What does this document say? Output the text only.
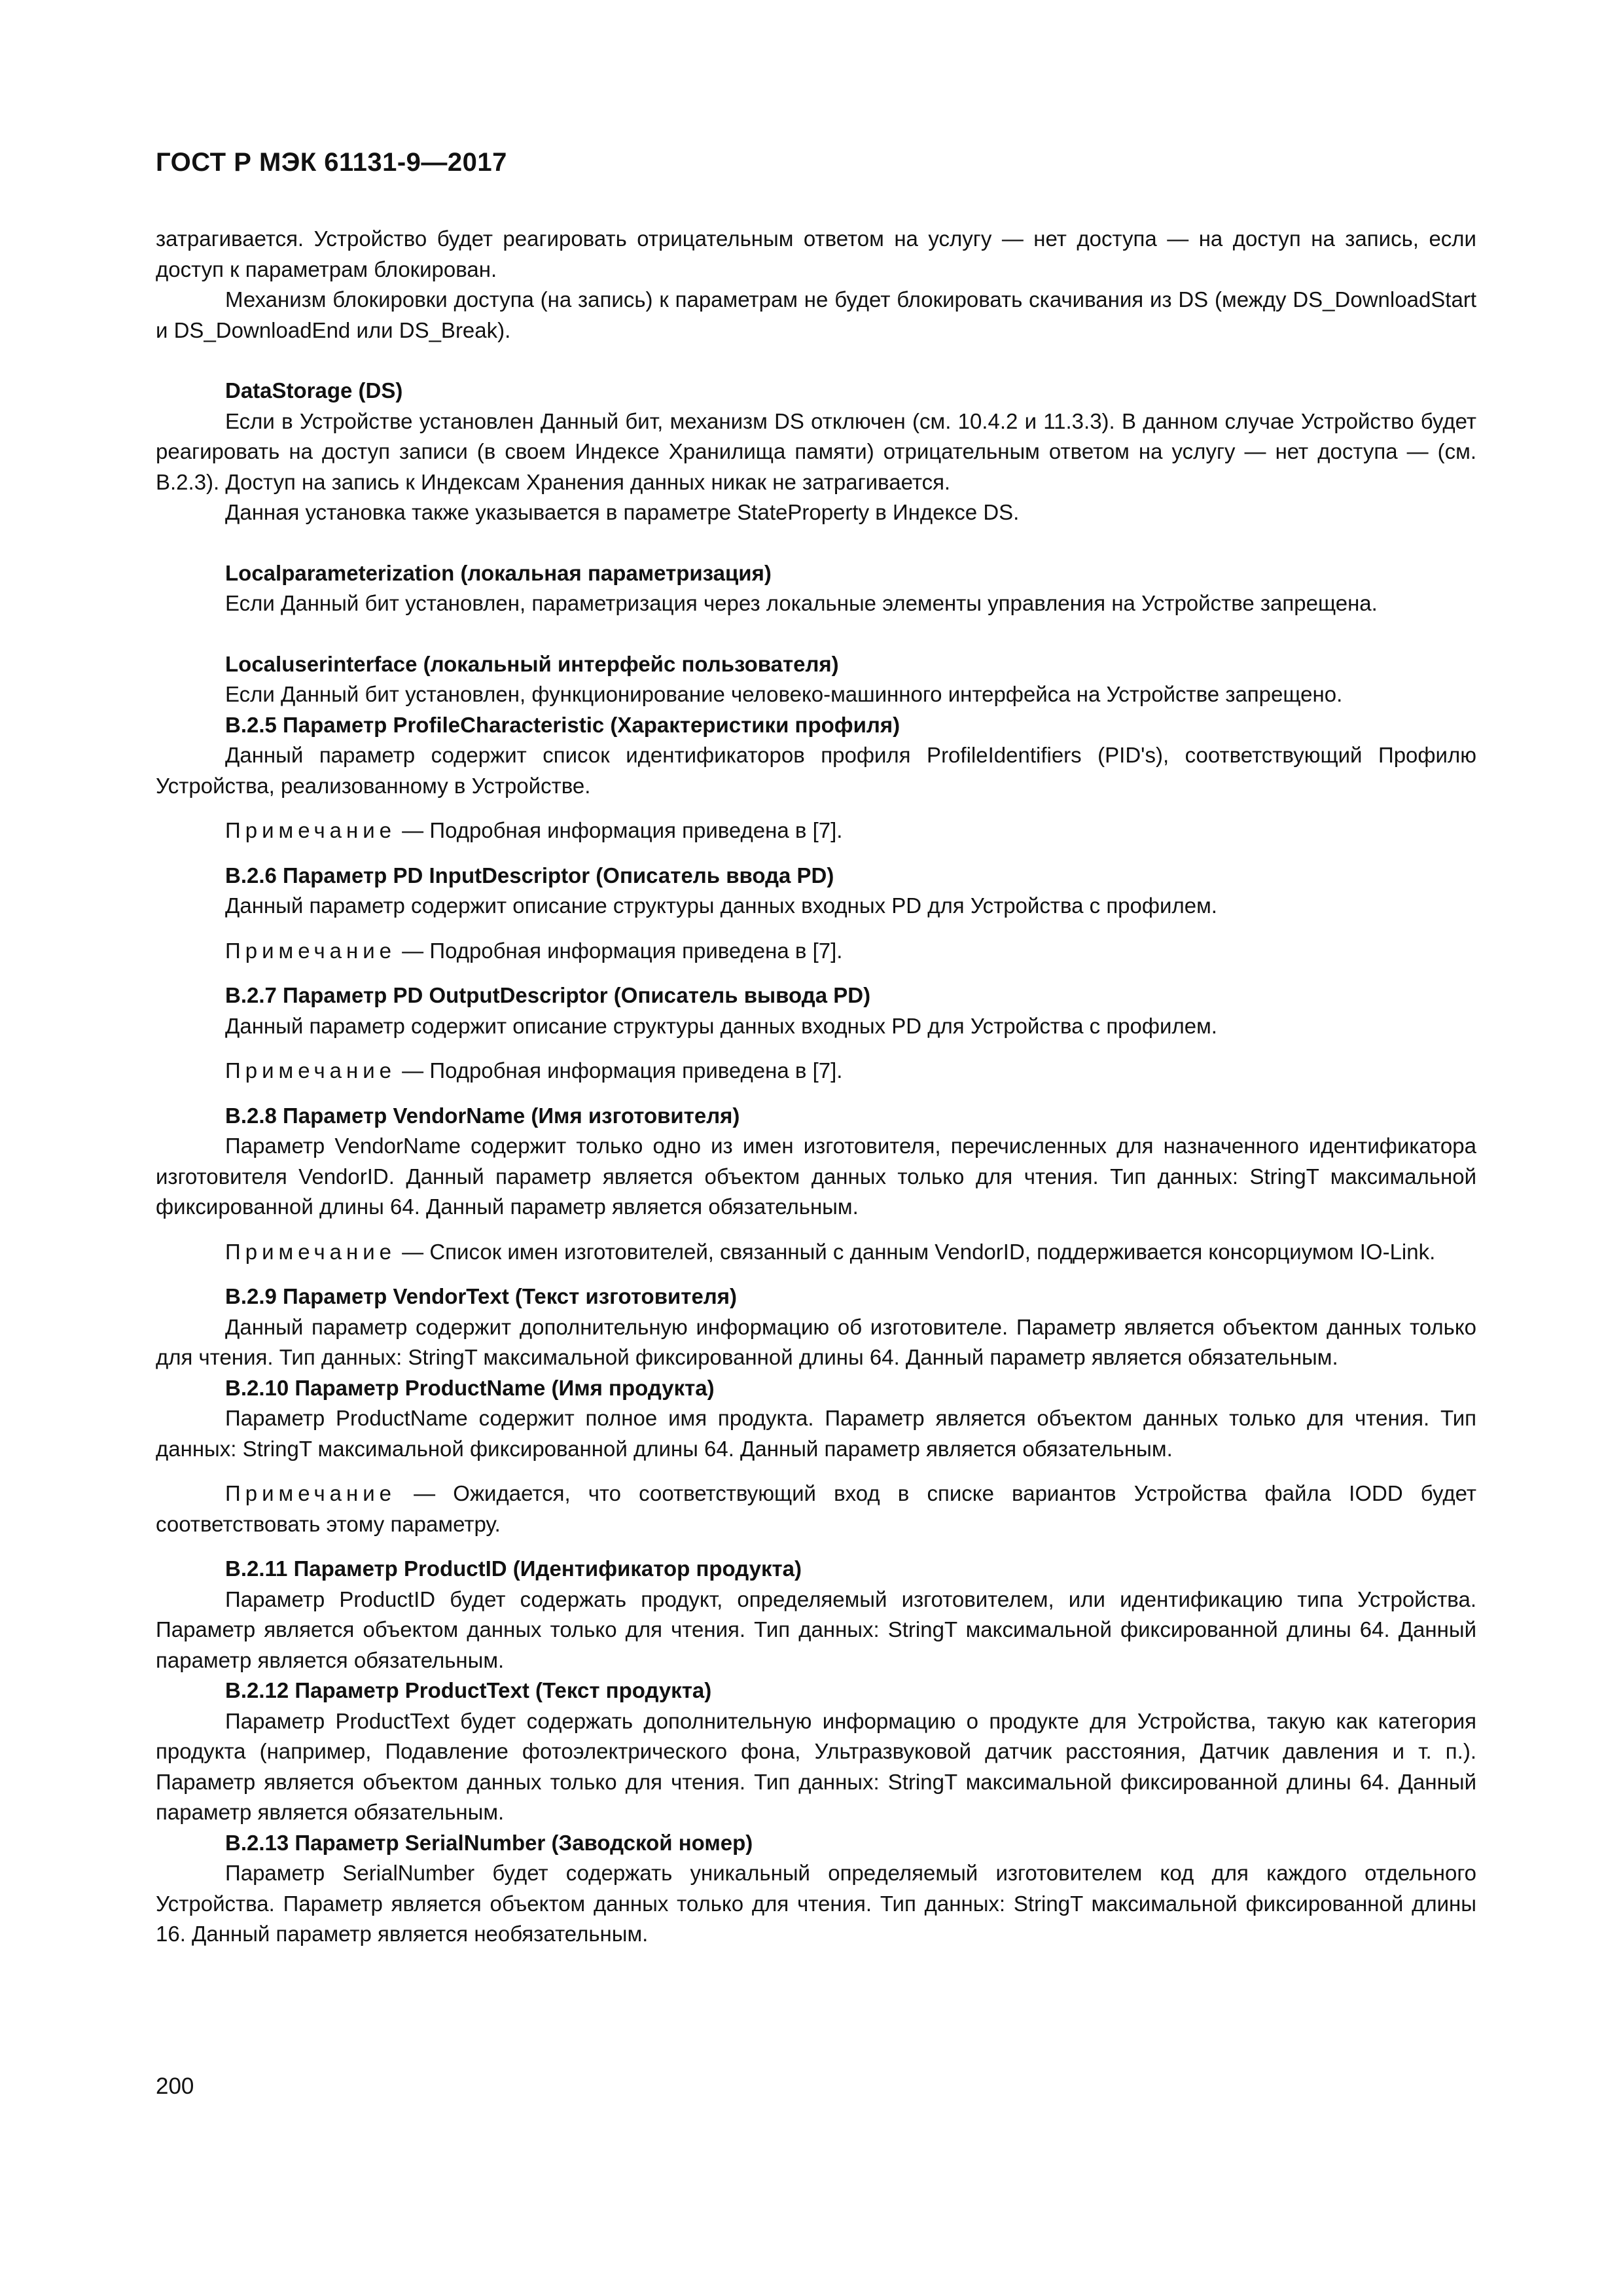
ГОСТ Р МЭК 61131-9—2017

затрагивается. Устройство будет реагировать отрицательным ответом на услугу — нет доступа — на доступ на запись, если доступ к параметрам блокирован.

Механизм блокировки доступа (на запись) к параметрам не будет блокировать скачивания из DS (между DS_DownloadStart и DS_DownloadEnd или DS_Break).

DataStorage (DS)

Если в Устройстве установлен Данный бит, механизм DS отключен (см. 10.4.2 и 11.3.3). В данном случае Устройство будет реагировать на доступ записи (в своем Индексе Хранилища памяти) отрицательным ответом на услугу — нет доступа — (см. В.2.3). Доступ на запись к Индексам Хранения данных никак не затрагивается.

Данная установка также указывается в параметре StateProperty в Индексе DS.

Localparameterization (локальная параметризация)

Если Данный бит установлен, параметризация через локальные элементы управления на Устройстве запрещена.

Localuserinterface (локальный интерфейс пользователя)

Если Данный бит установлен, функционирование человеко-машинного интерфейса на Устройстве запрещено.

В.2.5 Параметр ProfileCharacteristic (Характеристики профиля)

Данный параметр содержит список идентификаторов профиля ProfileIdentifiers (PID's), соответствующий Профилю Устройства, реализованному в Устройстве.

Примечание — Подробная информация приведена в [7].

В.2.6 Параметр PD InputDescriptor (Описатель ввода PD)

Данный параметр содержит описание структуры данных входных PD для Устройства с профилем.

Примечание — Подробная информация приведена в [7].

В.2.7 Параметр PD OutputDescriptor (Описатель вывода PD)

Данный параметр содержит описание структуры данных входных PD для Устройства с профилем.

Примечание — Подробная информация приведена в [7].

В.2.8 Параметр VendorName (Имя изготовителя)

Параметр VendorName содержит только одно из имен изготовителя, перечисленных для назначенного идентификатора изготовителя VendorID. Данный параметр является объектом данных только для чтения. Тип данных: StringT максимальной фиксированной длины 64. Данный параметр является обязательным.

Примечание — Список имен изготовителей, связанный с данным VendorID, поддерживается консорциумом IO-Link.

В.2.9 Параметр VendorText (Текст изготовителя)

Данный параметр содержит дополнительную информацию об изготовителе. Параметр является объектом данных только для чтения. Тип данных: StringT максимальной фиксированной длины 64. Данный параметр является обязательным.

В.2.10 Параметр ProductName (Имя продукта)

Параметр ProductName содержит полное имя продукта. Параметр является объектом данных только для чтения. Тип данных: StringT максимальной фиксированной длины 64. Данный параметр является обязательным.

Примечание — Ожидается, что соответствующий вход в списке вариантов Устройства файла IODD будет соответствовать этому параметру.

В.2.11 Параметр ProductID (Идентификатор продукта)

Параметр ProductID будет содержать продукт, определяемый изготовителем, или идентификацию типа Устройства. Параметр является объектом данных только для чтения. Тип данных: StringT максимальной фиксированной длины 64. Данный параметр является обязательным.

В.2.12 Параметр ProductText (Текст продукта)

Параметр ProductText будет содержать дополнительную информацию о продукте для Устройства, такую как категория продукта (например, Подавление фотоэлектрического фона, Ультразвуковой датчик расстояния, Датчик давления и т. п.). Параметр является объектом данных только для чтения. Тип данных: StringT максимальной фиксированной длины 64. Данный параметр является обязательным.

В.2.13 Параметр SerialNumber (Заводской номер)

Параметр SerialNumber будет содержать уникальный определяемый изготовителем код для каждого отдельного Устройства. Параметр является объектом данных только для чтения. Тип данных: StringT максимальной фиксированной длины 16. Данный параметр является необязательным.

200
